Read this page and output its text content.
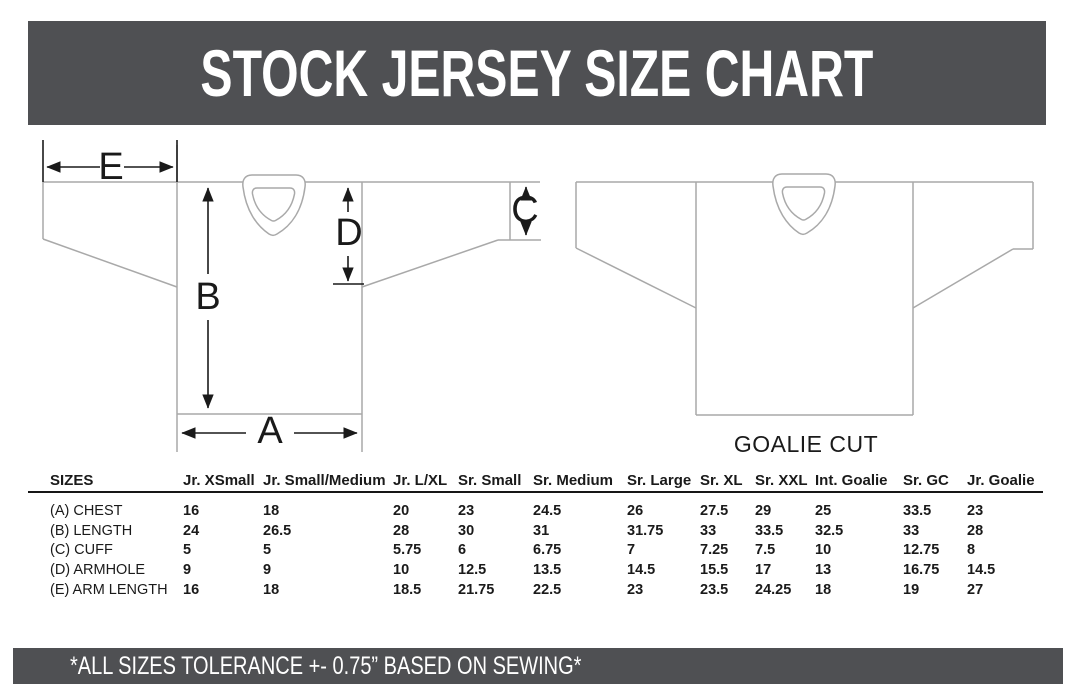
STOCK JERSEY SIZE CHART
E
B
A
D
C
GOALIE CUT
SIZES	Jr. XSmall	Jr. Small/Medium	Jr. L/XL	Sr. Small	Sr. Medium	Sr. Large	Sr. XL	Sr. XXL	Int. Goalie	Sr. GC	Jr. Goalie
(A) CHEST	16	18	20	23	24.5	26	27.5	29	25	33.5	23
(B) LENGTH	24	26.5	28	30	31	31.75	33	33.5	32.5	33	28
(C) CUFF	5	5	5.75	6	6.75	7	7.25	7.5	10	12.75	8
(D) ARMHOLE	9	9	10	12.5	13.5	14.5	15.5	17	13	16.75	14.5
(E) ARM LENGTH	16	18	18.5	21.75	22.5	23	23.5	24.25	18	19	27
*ALL SIZES TOLERANCE +- 0.75” BASED ON SEWING*
